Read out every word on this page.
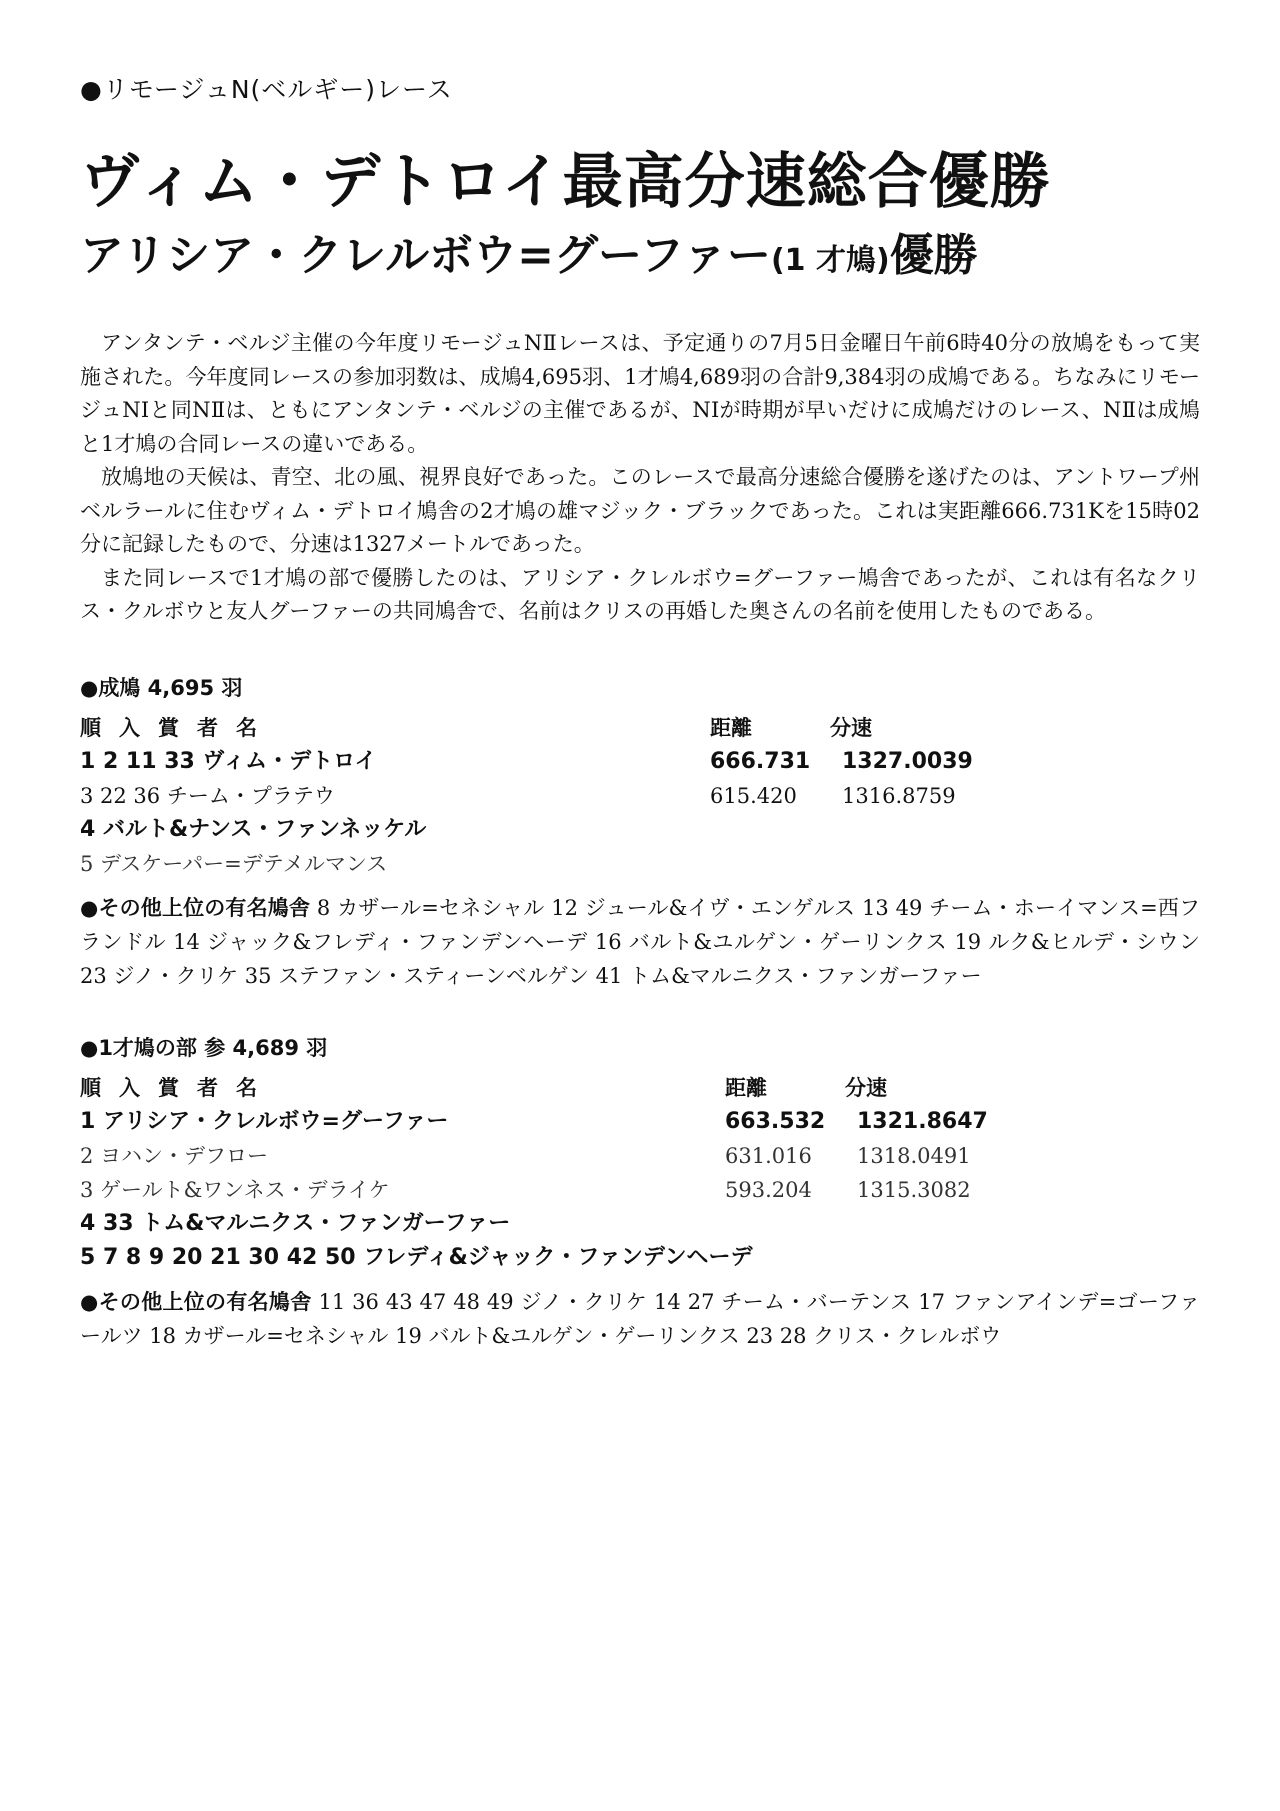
●リモージュN(ベルギー)レース
ヴィム・デトロイ最高分速総合優勝
アリシア・クレルボウ=グーファー(1 才鳩)優勝

アンタンテ・ベルジ主催の今年度リモージュNⅡレースは、予定通りの7月5日金曜日午前6時40分の放鳩をもって実施された。今年度同レースの参加羽数は、成鳩4,695羽、1才鳩4,689羽の合計9,384羽の成鳩である。ちなみにリモージュNⅠと同NⅡは、ともにアンタンテ・ベルジの主催であるが、NⅠが時期が早いだけに成鳩だけのレース、NⅡは成鳩と1才鳩の合同レースの違いである。

放鳩地の天候は、青空、北の風、視界良好であった。このレースで最高分速総合優勝を遂げたのは、アントワープ州ベルラールに住むヴィム・デトロイ鳩舎の2才鳩の雄マジック・ブラックであった。これは実距離666.731Kを15時02分に記録したもので、分速は1327メートルであった。

また同レースで1才鳩の部で優勝したのは、アリシア・クレルボウ=グーファー鳩舎であったが、これは有名なクリス・クルボウと友人グーファーの共同鳩舎で、名前はクリスの再婚した奥さんの名前を使用したものである。

●成鳩 4,695 羽
順入賞者名	距離	分速
1 2 11 33 ヴィム・デトロイ	666.731	1327.0039
3 22 36 チーム・プラテウ	615.420	1316.8759
4 バルト&ナンス・ファンネッケル
5 デスケーパー=デテメルマンス
●その他上位の有名鳩舎 8 カザール=セネシャル 12 ジュール&イヴ・エンゲルス 13 49 チーム・ホーイマンス=西フランドル 14 ジャック&フレディ・ファンデンヘーデ 16 バルト&ユルゲン・ゲーリンクス 19 ルク&ヒルデ・シウン 23 ジノ・クリケ 35 ステファン・スティーンベルゲン 41 トム&マルニクス・ファンガーファー
●1才鳩の部 参 4,689 羽
順入賞者名	距離	分速
1 アリシア・クレルボウ=グーファー	663.532	1321.8647
2 ヨハン・デフロー	631.016	1318.0491
3 ゲールト&ワンネス・デライケ	593.204	1315.3082
4 33 トム&マルニクス・ファンガーファー
5 7 8 9 20 21 30 42 50 フレディ&ジャック・ファンデンヘーデ
●その他上位の有名鳩舎 11 36 43 47 48 49 ジノ・クリケ 14 27 チーム・バーテンス 17 ファンアインデ=ゴーファールツ 18 カザール=セネシャル 19 バルト&ユルゲン・ゲーリンクス 23 28 クリス・クレルボウ
